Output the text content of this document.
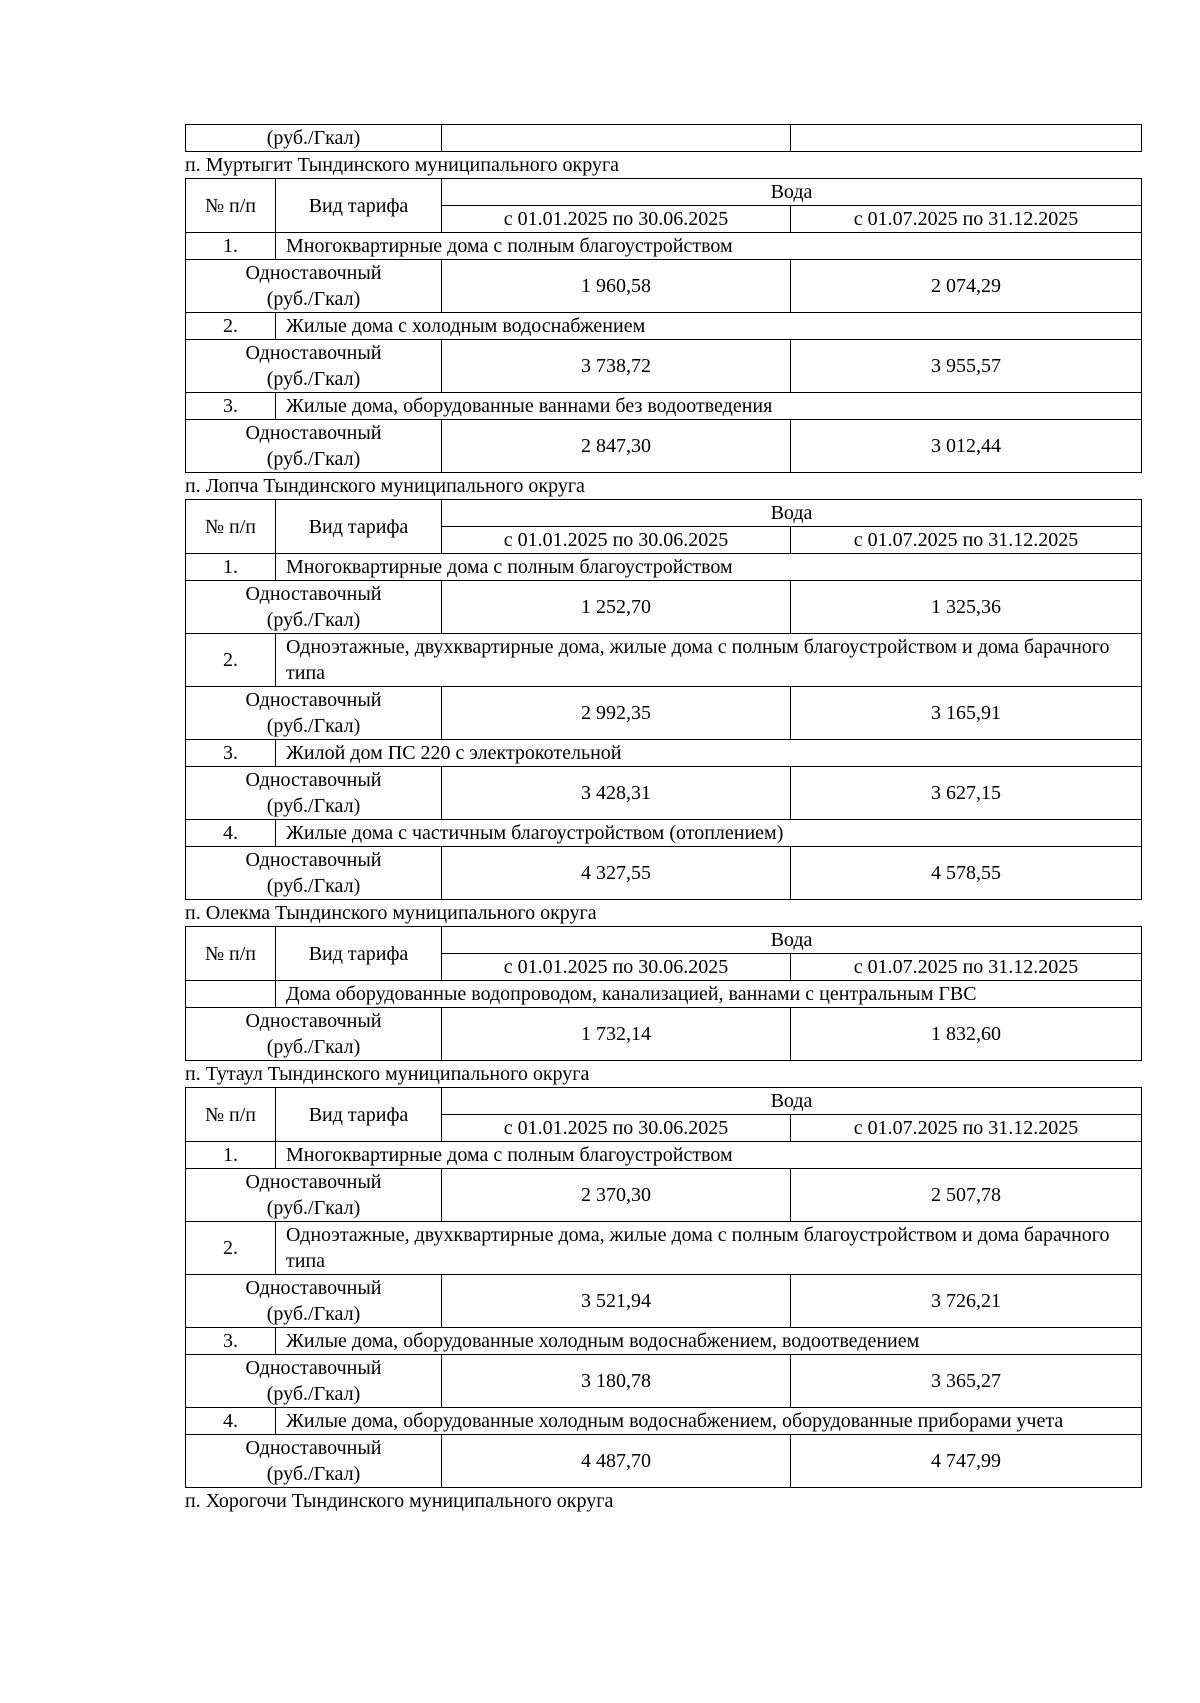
(руб./Гкал)		
п. Муртыгит Тындинского муниципального округа
№ п/п	Вид тарифа	Вода	
		с 01.01.2025 по 30.06.2025	с 01.07.2025 по 31.12.2025
1.	Многоквартирные дома с полным благоустройством		
Одноставочный
(руб./Гкал)		1 960,58	2 074,29
2.	Жилые дома с холодным водоснабжением		
Одноставочный
(руб./Гкал)		3 738,72	3 955,57
3.	Жилые дома, оборудованные ваннами без водоотведения		
Одноставочный
(руб./Гкал)		2 847,30	3 012,44
п. Лопча Тындинского муниципального округа
№ п/п	Вид тарифа	Вода	
		с 01.01.2025 по 30.06.2025	с 01.07.2025 по 31.12.2025
1.	Многоквартирные дома с полным благоустройством		
Одноставочный
(руб./Гкал)		1 252,70	1 325,36
2.	Одноэтажные, двухквартирные дома, жилые дома с полным благоустройством и дома барачного типа		
Одноставочный
(руб./Гкал)		2 992,35	3 165,91
3.	Жилой дом ПС 220 с электрокотельной		
Одноставочный
(руб./Гкал)		3 428,31	3 627,15
4.	Жилые дома с частичным благоустройством (отоплением)		
Одноставочный
(руб./Гкал)		4 327,55	4 578,55
п. Олекма Тындинского муниципального округа
№ п/п	Вид тарифа	Вода	
		с 01.01.2025 по 30.06.2025	с 01.07.2025 по 31.12.2025
	Дома оборудованные водопроводом, канализацией, ваннами с центральным ГВС		
Одноставочный
(руб./Гкал)		1 732,14	1 832,60
п. Тутаул Тындинского муниципального округа
№ п/п	Вид тарифа	Вода	
		с 01.01.2025 по 30.06.2025	с 01.07.2025 по 31.12.2025
1.	Многоквартирные дома с полным благоустройством		
Одноставочный
(руб./Гкал)		2 370,30	2 507,78
2.	Одноэтажные, двухквартирные дома, жилые дома с полным благоустройством и дома барачного типа		
Одноставочный
(руб./Гкал)		3 521,94	3 726,21
3.	Жилые дома, оборудованные холодным водоснабжением, водоотведением		
Одноставочный
(руб./Гкал)		3 180,78	3 365,27
4.	Жилые дома, оборудованные холодным водоснабжением, оборудованные приборами учета		
Одноставочный
(руб./Гкал)		4 487,70	4 747,99
п. Хорогочи Тындинского муниципального округа
